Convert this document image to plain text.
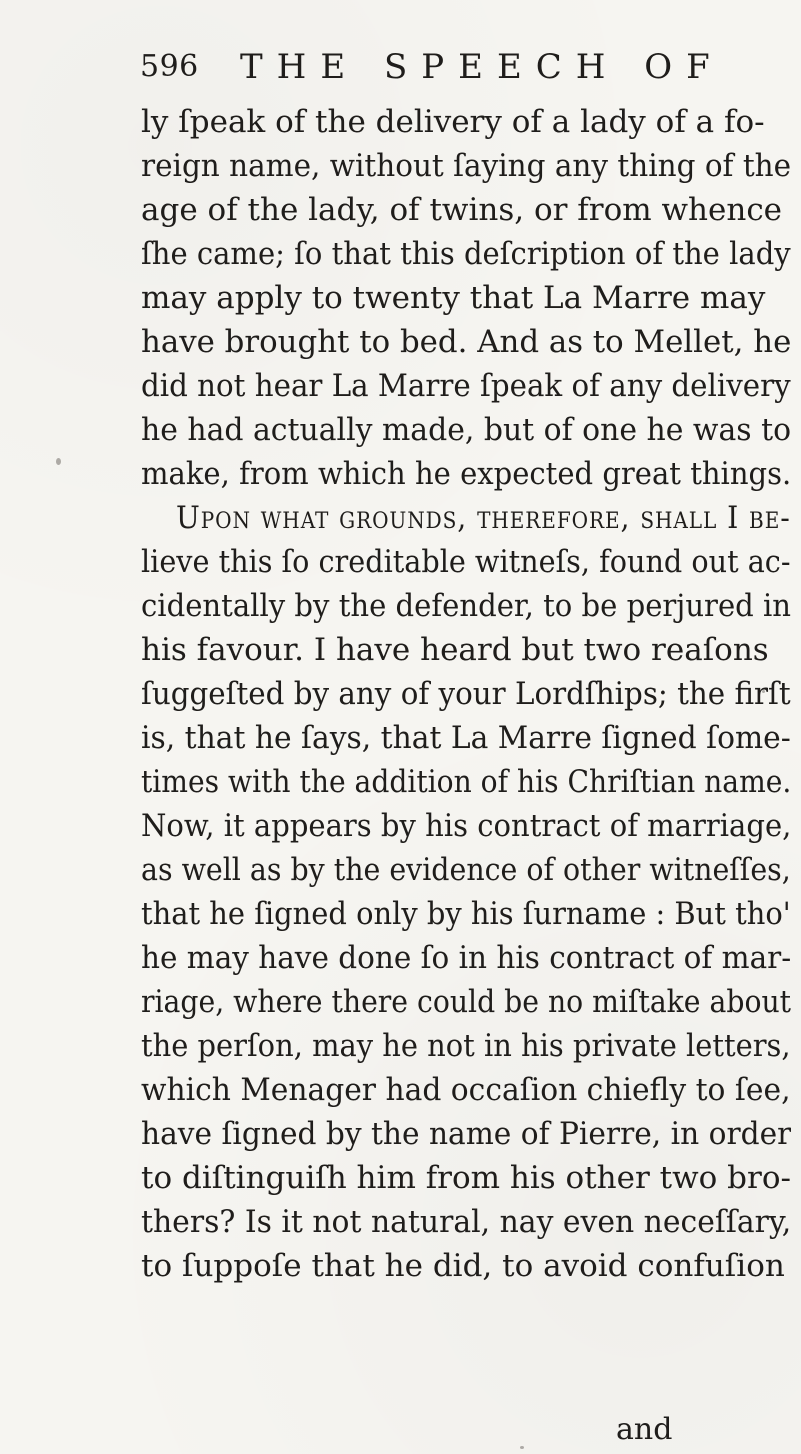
596 THE SPEECH OF
ly ſpeak of the delivery of a lady of a fo-
reign name, without ſaying any thing of the
age of the lady, of twins, or from whence
ſhe came; ſo that this deſcription of the lady
may apply to twenty that La Marre may
have brought to bed. And as to Mellet, he
did not hear La Marre ſpeak of any delivery
he had actually made, but of one he was to
make, from which he expected great things.
Upon what grounds, therefore, ſhall I be-
lieve this ſo creditable witneſs, found out ac-
cidentally by the defender, to be perjured in
his favour. I have heard but two reaſons
ſuggeſted by any of your Lordſhips; the firſt
is, that he ſays, that La Marre ſigned ſome-
times with the addition of his Chriſtian name.
Now, it appears by his contract of marriage,
as well as by the evidence of other witneſſes,
that he ſigned only by his ſurname : But tho'
he may have done ſo in his contract of mar-
riage, where there could be no miſtake about
the perſon, may he not in his private letters,
which Menager had occaſion chiefly to ſee,
have ſigned by the name of Pierre, in order
to diſtinguiſh him from his other two bro-
thers? Is it not natural, nay even neceſſary,
to ſuppoſe that he did, to avoid confuſion
and
